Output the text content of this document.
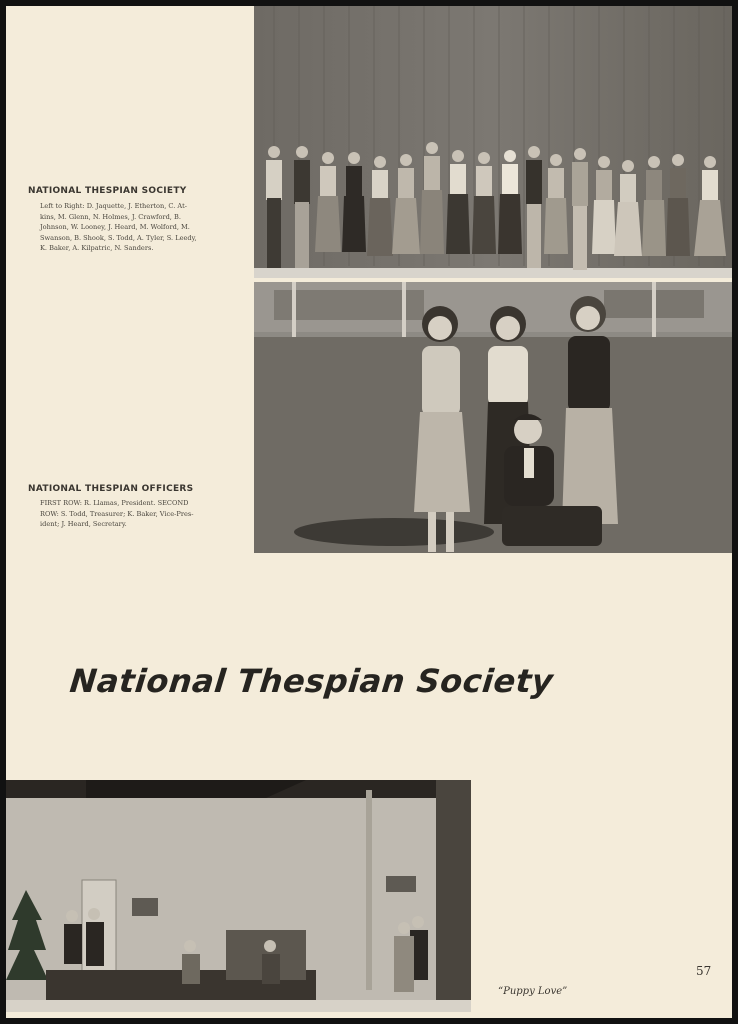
NATIONAL THESPIAN SOCIETY
Left to Right: D. Jaquette, J. Etherton, C. At-
kins, M. Glenn, N. Holmes, J. Crawford, B.
Johnson, W. Looney, J. Heard, M. Wolford, M.
Swanson, B. Shook, S. Todd, A. Tyler, S. Leedy,
K. Baker, A. Kilpatric, N. Sanders.
NATIONAL THESPIAN OFFICERS
FIRST ROW: R. Llamas, President. SECOND
ROW: S. Todd, Treasurer; K. Baker, Vice-Pres-
ident; J. Heard, Secretary.
National Thespian Society
“Puppy Love”
57
